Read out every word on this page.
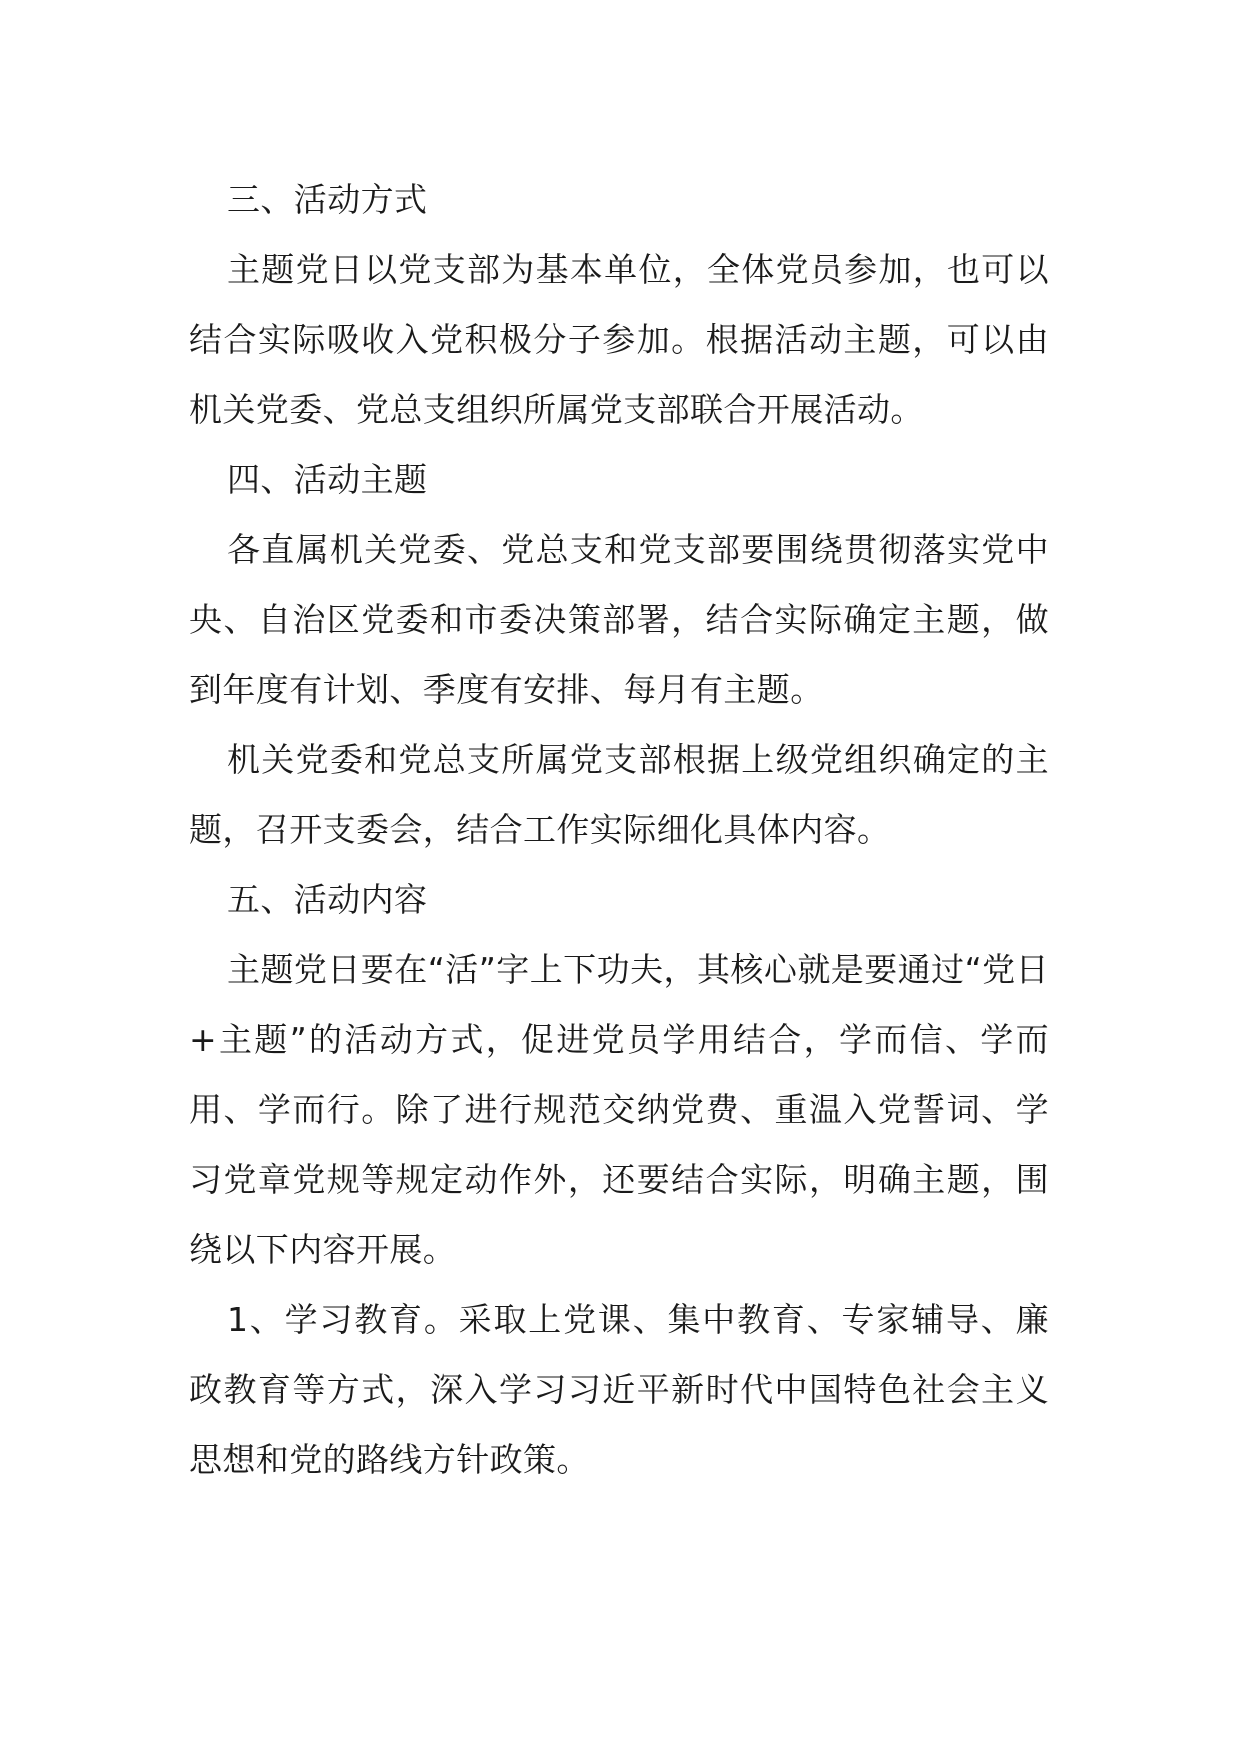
三、活动方式

主题党日以党支部为基本单位，全体党员参加，也可以结合实际吸收入党积极分子参加。根据活动主题，可以由机关党委、党总支组织所属党支部联合开展活动。

四、活动主题

各直属机关党委、党总支和党支部要围绕贯彻落实党中央、自治区党委和市委决策部署，结合实际确定主题，做到年度有计划、季度有安排、每月有主题。

机关党委和党总支所属党支部根据上级党组织确定的主题，召开支委会，结合工作实际细化具体内容。

五、活动内容

主题党日要在“活”字上下功夫，其核心就是要通过“党日+主题”的活动方式，促进党员学用结合，学而信、学而用、学而行。除了进行规范交纳党费、重温入党誓词、学习党章党规等规定动作外，还要结合实际，明确主题，围绕以下内容开展。

1、学习教育。采取上党课、集中教育、专家辅导、廉政教育等方式，深入学习习近平新时代中国特色社会主义思想和党的路线方针政策。
